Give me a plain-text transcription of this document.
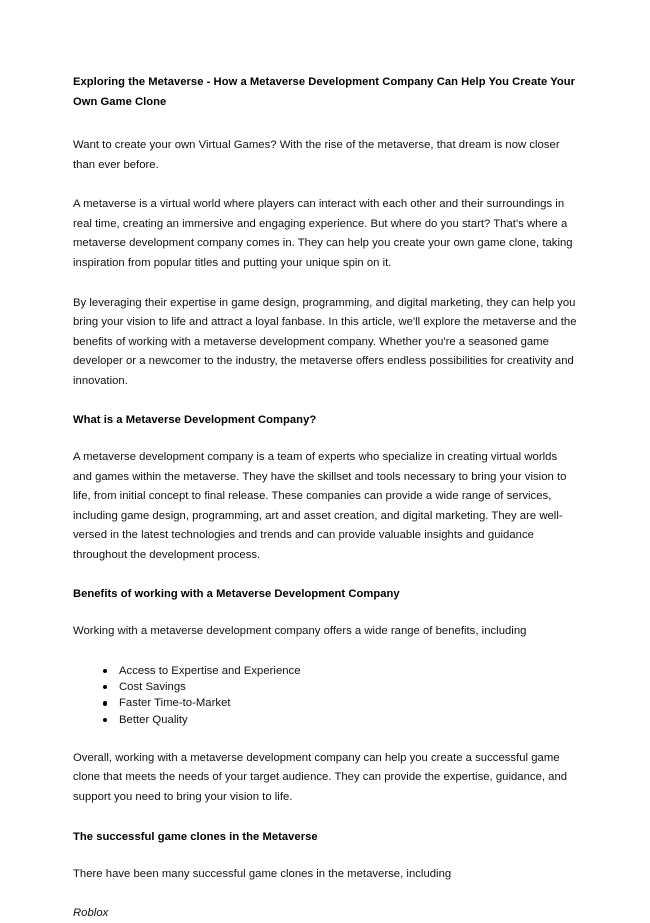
Exploring the Metaverse - How a Metaverse Development Company Can Help You Create Your Own Game Clone

Want to create your own Virtual Games? With the rise of the metaverse, that dream is now closer than ever before.

A metaverse is a virtual world where players can interact with each other and their surroundings in real time, creating an immersive and engaging experience. But where do you start? That's where a metaverse development company comes in. They can help you create your own game clone, taking inspiration from popular titles and putting your unique spin on it.

By leveraging their expertise in game design, programming, and digital marketing, they can help you bring your vision to life and attract a loyal fanbase. In this article, we'll explore the metaverse and the benefits of working with a metaverse development company. Whether you're a seasoned game developer or a newcomer to the industry, the metaverse offers endless possibilities for creativity and innovation.

What is a Metaverse Development Company?

A metaverse development company is a team of experts who specialize in creating virtual worlds and games within the metaverse. They have the skillset and tools necessary to bring your vision to life, from initial concept to final release. These companies can provide a wide range of services, including game design, programming, art and asset creation, and digital marketing. They are well-versed in the latest technologies and trends and can provide valuable insights and guidance throughout the development process.

Benefits of working with a Metaverse Development Company

Working with a metaverse development company offers a wide range of benefits, including

Access to Expertise and Experience
Cost Savings
Faster Time-to-Market
Better Quality

Overall, working with a metaverse development company can help you create a successful game clone that meets the needs of your target audience. They can provide the expertise, guidance, and support you need to bring your vision to life.

The successful game clones in the Metaverse

There have been many successful game clones in the metaverse, including

Roblox
